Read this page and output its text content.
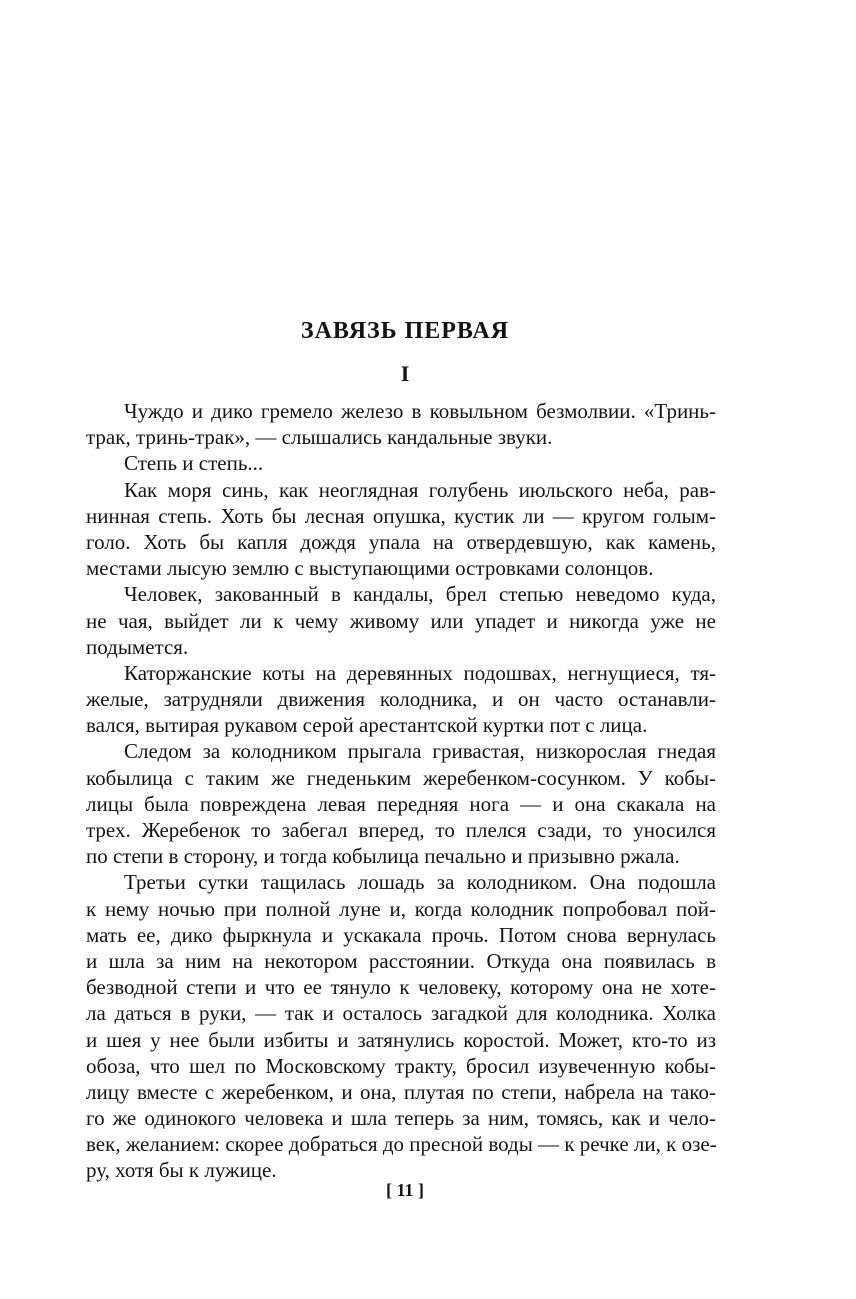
ЗАВЯЗЬ ПЕРВАЯ
I
Чуждо и дико гремело железо в ковыльном безмолвии. «Тринь-
трак, тринь-трак», — слышались кандальные звуки.
Степь и степь...
Как моря синь, как неоглядная голубень июльского неба, рав-
нинная степь. Хоть бы лесная опушка, кустик ли — кругом голым-
голо. Хоть бы капля дождя упала на отвердевшую, как камень,
местами лысую землю с выступающими островками солонцов.
Человек, закованный в кандалы, брел степью неведомо куда,
не чая, выйдет ли к чему живому или упадет и никогда уже не
подымется.
Каторжанские коты на деревянных подошвах, негнущиеся, тя-
желые, затрудняли движения колодника, и он часто останавли-
вался, вытирая рукавом серой арестантской куртки пот с лица.
Следом за колодником прыгала гривастая, низкорослая гнедая
кобылица с таким же гнеденьким жеребенком-сосунком. У кобы-
лицы была повреждена левая передняя нога — и она скакала на
трех. Жеребенок то забегал вперед, то плелся сзади, то уносился
по степи в сторону, и тогда кобылица печально и призывно ржала.
Третьи сутки тащилась лошадь за колодником. Она подошла
к нему ночью при полной луне и, когда колодник попробовал пой-
мать ее, дико фыркнула и ускакала прочь. Потом снова вернулась
и шла за ним на некотором расстоянии. Откуда она появилась в
безводной степи и что ее тянуло к человеку, которому она не хоте-
ла даться в руки, — так и осталось загадкой для колодника. Холка
и шея у нее были избиты и затянулись коростой. Может, кто-то из
обоза, что шел по Московскому тракту, бросил изувеченную кобы-
лицу вместе с жеребенком, и она, плутая по степи, набрела на тако-
го же одинокого человека и шла теперь за ним, томясь, как и чело-
век, желанием: скорее добраться до пресной воды — к речке ли, к озе-
ру, хотя бы к лужице.
[ 11 ]
